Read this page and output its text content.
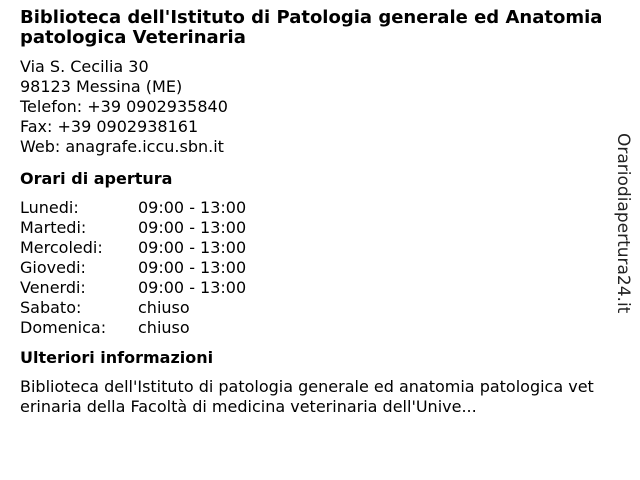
Biblioteca dell'Istituto di Patologia generale ed Anatomia patologica Veterinaria
Via S. Cecilia 30
98123 Messina (ME)
Telefon: +39 0902935840
Fax: +39 0902938161
Web: anagrafe.iccu.sbn.it
Orari di apertura
Lunedi:	09:00 - 13:00
Martedi:	09:00 - 13:00
Mercoledi:	09:00 - 13:00
Giovedi:	09:00 - 13:00
Venerdi:	09:00 - 13:00
Sabato:	chiuso
Domenica:	chiuso
Ulteriori informazioni
Biblioteca dell'Istituto di patologia generale ed anatomia patologica veterinaria della Facoltà di medicina veterinaria dell'Unive...
Orariodiapertura24.it
